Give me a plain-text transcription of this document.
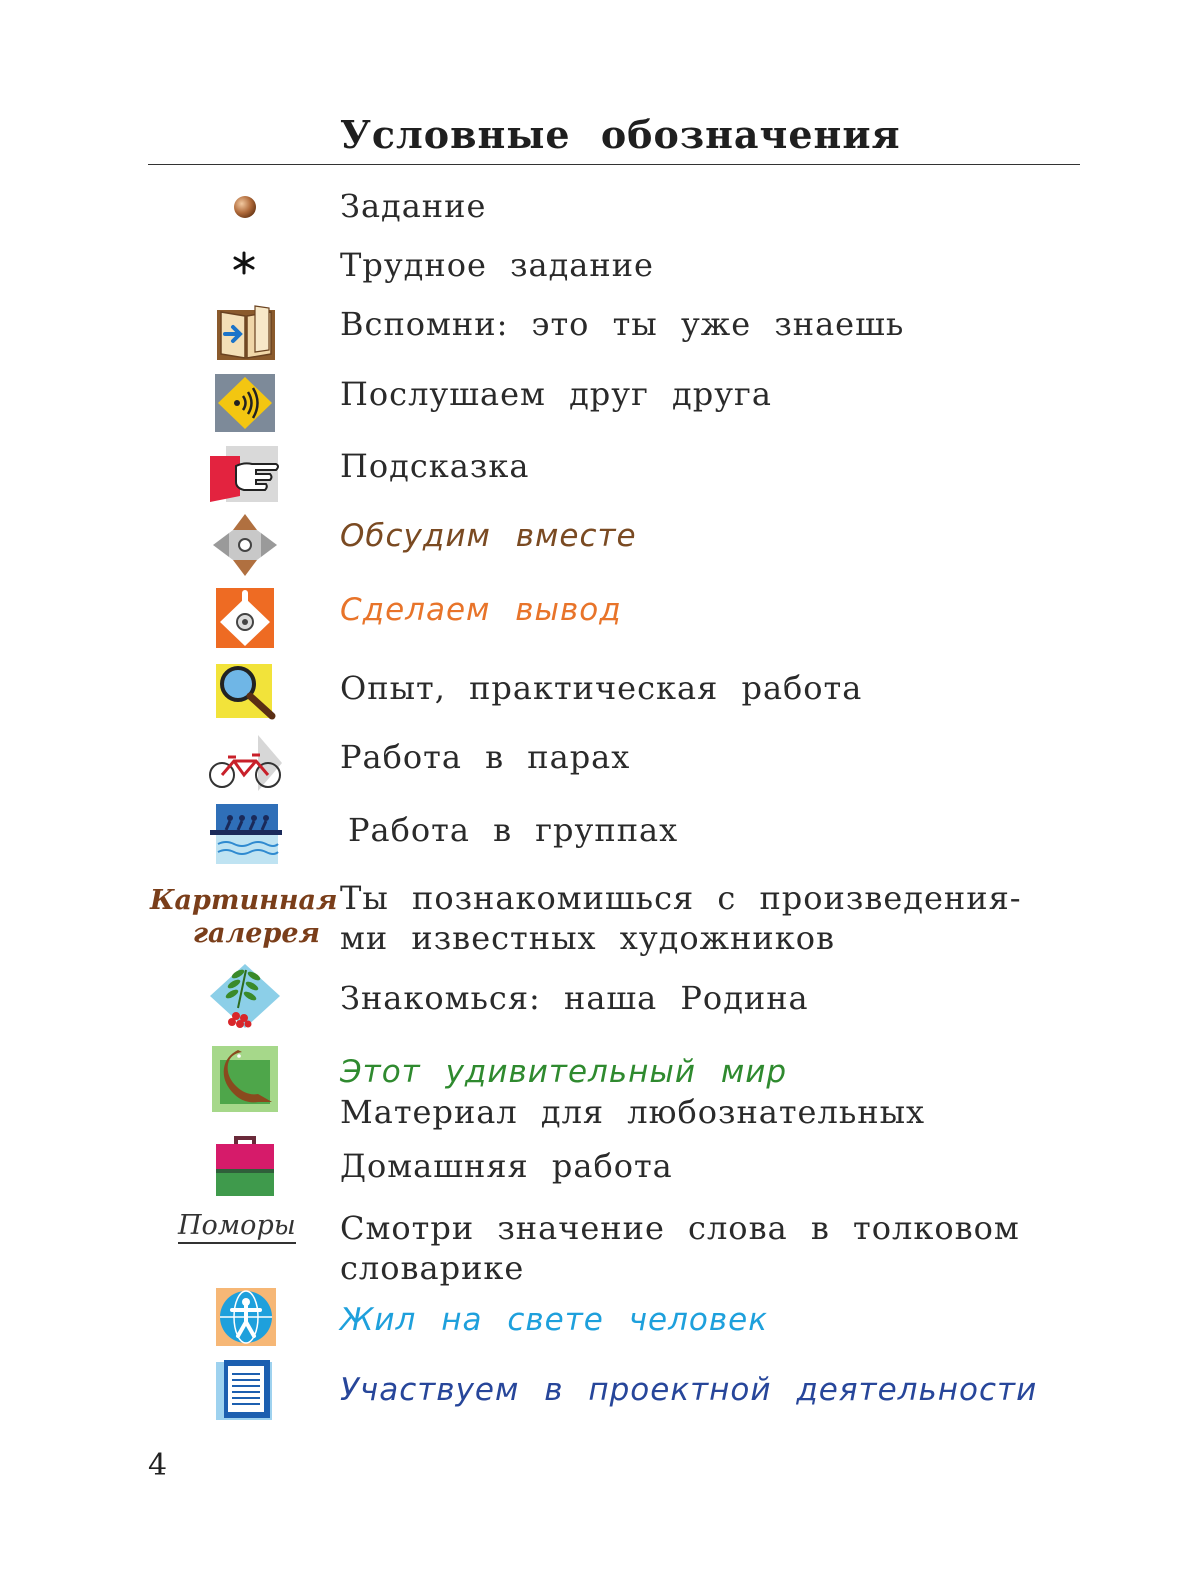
Условные обозначения
Задание
Трудное задание
Вспомни: это ты уже знаешь
Послушаем друг друга
Подсказка
Обсудим вместе
Сделаем вывод
Опыт, практическая работа
Работа в парах
Работа в группах
Картинная
галерея
Ты познакомишься с произведения-
ми известных художников
Знакомься: наша Родина
Этот удивительный мир
Материал для любознательных
Домашняя работа
Поморы Смотри значение слова в толковом
словарике
Жил на свете человек
Участвуем в проектной деятельности
4
